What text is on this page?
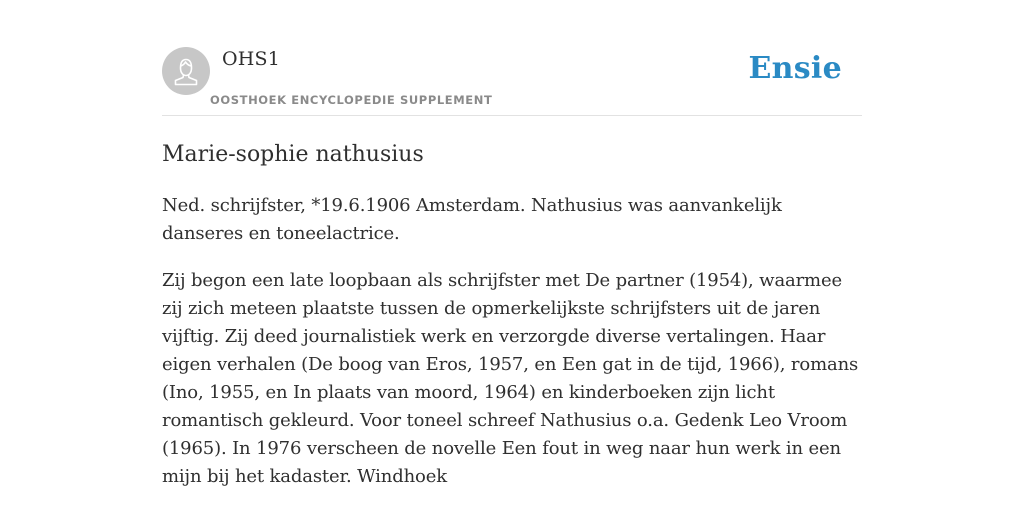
OHS1
OOSTHOEK ENCYCLOPEDIE SUPPLEMENT
Ensie
Marie-sophie nathusius

Ned. schrijfster, *19.6.1906 Amsterdam. Nathusius was aanvankelijk danseres en toneelactrice.

Zij begon een late loopbaan als schrijfster met De partner (1954), waarmee zij zich meteen plaatste tussen de opmerkelijkste schrijfsters uit de jaren vijftig. Zij deed journalistiek werk en verzorgde diverse vertalingen. Haar eigen verhalen (De boog van Eros, 1957, en Een gat in de tijd, 1966), romans (Ino, 1955, en In plaats van moord, 1964) en kinderboeken zijn licht romantisch gekleurd. Voor toneel schreef Nathusius o.a. Gedenk Leo Vroom (1965). In 1976 verscheen de novelle Een fout in weg naar hun werk in een mijn bij het kadaster. Windhoek
